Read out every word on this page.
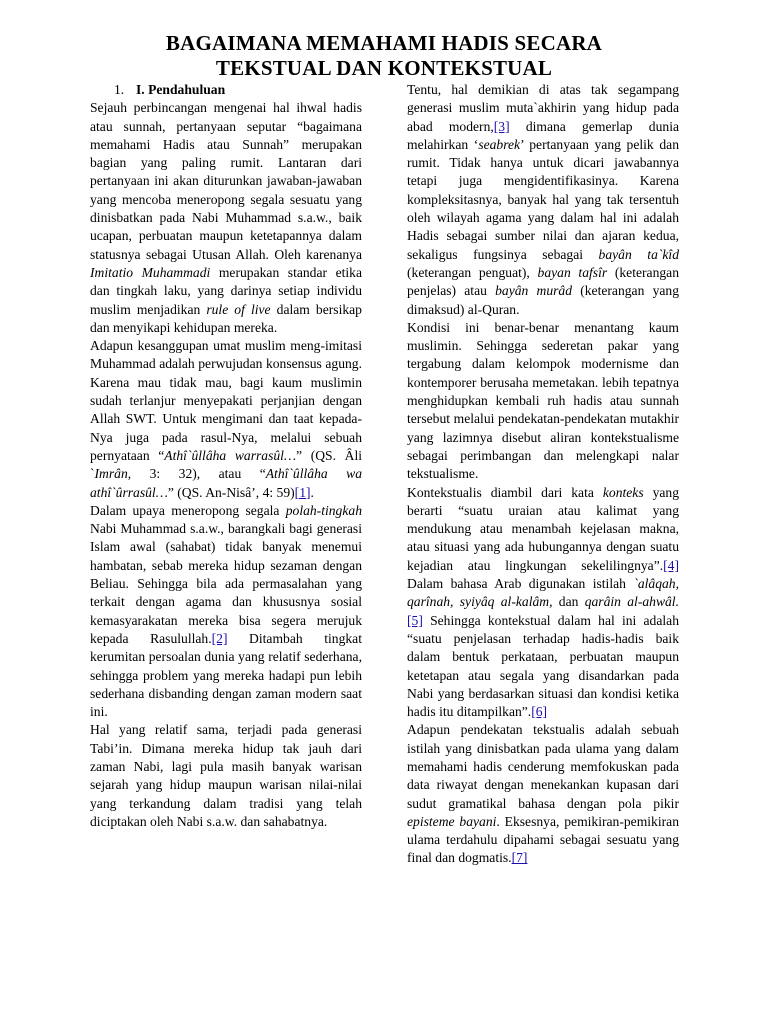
BAGAIMANA MEMAHAMI HADIS SECARA
TEKSTUAL DAN KONTEKSTUAL
1. I. Pendahuluan

Sejauh perbincangan mengenai hal ihwal hadis atau sunnah, pertanyaan seputar “bagaimana memahami Hadis atau Sunnah” merupakan bagian yang paling rumit. Lantaran dari pertanyaan ini akan diturunkan jawaban-jawaban yang mencoba meneropong segala sesuatu yang dinisbatkan pada Nabi Muhammad s.a.w., baik ucapan, perbuatan maupun ketetapannya dalam statusnya sebagai Utusan Allah. Oleh karenanya Imitatio Muhammadi merupakan standar etika dan tingkah laku, yang darinya setiap individu muslim menjadikan rule of live dalam bersikap dan menyikapi kehidupan mereka.

Adapun kesanggupan umat muslim meng-imitasi Muhammad adalah perwujudan konsensus agung. Karena mau tidak mau, bagi kaum muslimin sudah terlanjur menyepakati perjanjian dengan Allah SWT. Untuk mengimani dan taat kepada-Nya juga pada rasul-Nya, melalui sebuah pernyataan “Athî`ûllâha warrasûl…” (QS. Âli `Imrân, 3: 32), atau “Athî`ûllâha wa athî`ûrrasûl…” (QS. An-Nisâ’, 4: 59)[1].

Dalam upaya meneropong segala polah-tingkah Nabi Muhammad s.a.w., barangkali bagi generasi Islam awal (sahabat) tidak banyak menemui hambatan, sebab mereka hidup sezaman dengan Beliau. Sehingga bila ada permasalahan yang terkait dengan agama dan khususnya sosial kemasyarakatan mereka bisa segera merujuk kepada Rasulullah.[2] Ditambah tingkat kerumitan persoalan dunia yang relatif sederhana, sehingga problem yang mereka hadapi pun lebih sederhana disbanding dengan zaman modern saat ini.

Hal yang relatif sama, terjadi pada generasi Tabi’in. Dimana mereka hidup tak jauh dari zaman Nabi, lagi pula masih banyak warisan sejarah yang hidup maupun warisan nilai-nilai yang terkandung dalam tradisi yang telah diciptakan oleh Nabi s.a.w. dan sahabatnya.

Tentu, hal demikian di atas tak segampang generasi muslim muta`akhirin yang hidup pada abad modern,[3] dimana gemerlap dunia melahirkan ‘seabrek’ pertanyaan yang pelik dan rumit. Tidak hanya untuk dicari jawabannya tetapi juga mengidentifikasinya. Karena kompleksitasnya, banyak hal yang tak tersentuh oleh wilayah agama yang dalam hal ini adalah Hadis sebagai sumber nilai dan ajaran kedua, sekaligus fungsinya sebagai bayân ta`kîd (keterangan penguat), bayan tafsîr (keterangan penjelas) atau bayân murâd (keterangan yang dimaksud) al-Quran.

Kondisi ini benar-benar menantang kaum muslimin. Sehingga sederetan pakar yang tergabung dalam kelompok modernisme dan kontemporer berusaha memetakan. lebih tepatnya menghidupkan kembali ruh hadis atau sunnah tersebut melalui pendekatan-pendekatan mutakhir yang lazimnya disebut aliran kontekstualisme sebagai perimbangan dan melengkapi nalar tekstualisme.

Kontekstualis diambil dari kata konteks yang berarti “suatu uraian atau kalimat yang mendukung atau menambah kejelasan makna, atau situasi yang ada hubungannya dengan suatu kejadian atau lingkungan sekelilingnya”.[4] Dalam bahasa Arab digunakan istilah `alâqah, qarînah, syiyâq al-kalâm, dan qarâin al-ahwâl.[5] Sehingga kontekstual dalam hal ini adalah “suatu penjelasan terhadap hadis-hadis baik dalam bentuk perkataan, perbuatan maupun ketetapan atau segala yang disandarkan pada Nabi yang berdasarkan situasi dan kondisi ketika hadis itu ditampilkan”.[6]

Adapun pendekatan tekstualis adalah sebuah istilah yang dinisbatkan pada ulama yang dalam memahami hadis cenderung memfokuskan pada data riwayat dengan menekankan kupasan dari sudut gramatikal bahasa dengan pola pikir episteme bayani. Eksesnya, pemikiran-pemikiran ulama terdahulu dipahami sebagai sesuatu yang final dan dogmatis.[7]
